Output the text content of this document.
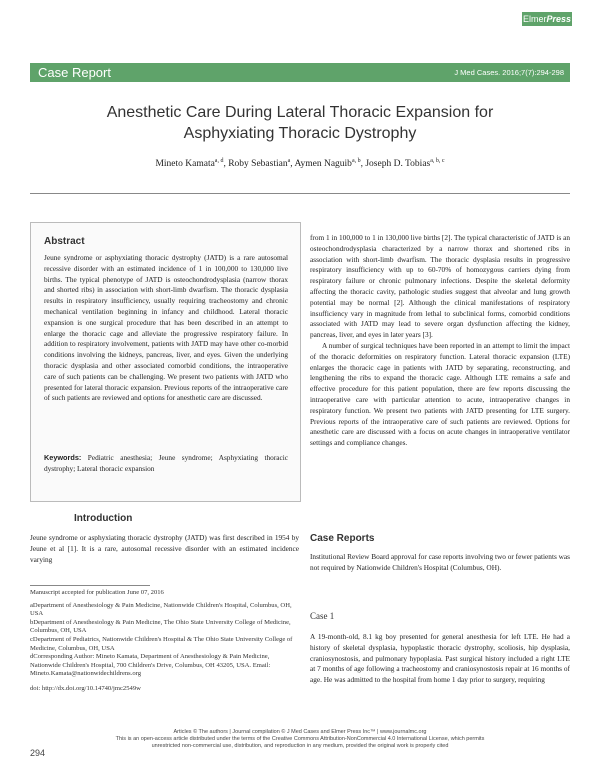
ElmerPress
Case Report	J Med Cases. 2016;7(7):294-298
Anesthetic Care During Lateral Thoracic Expansion for
Asphyxiating Thoracic Dystrophy
Mineto Kamata$^{a, d}$, Roby Sebastian$^a$, Aymen Naguib$^{a, b}$, Joseph D. Tobias$^{a, b, c}$
Abstract
Jeune syndrome or asphyxiating thoracic dystrophy (JATD) is a rare autosomal recessive disorder with an estimated incidence of 1 in 100,000 to 130,000 live births. The typical phenotype of JATD is osteochondrodysplasia (narrow thorax and shorted ribs) in association with short-limb dwarfism. The thoracic dysplasia results in respiratory insufficiency, usually requiring tracheostomy and chronic mechanical ventilation beginning in infancy and childhood. Lateral thoracic expansion is one surgical procedure that has been described in an attempt to enlarge the thoracic cage and alleviate the progressive respiratory failure. In addition to respiratory involvement, patients with JATD may have other co-morbid conditions involving the kidneys, pancreas, liver, and eyes. Given the underlying thoracic dysplasia and other associated comorbid conditions, the intraoperative care of such patients can be challenging. We present two patients with JATD who presented for lateral thoracic expansion. Previous reports of the intraoperative care of such patients are reviewed and options for anesthetic care are discussed.
Keywords: Pediatric anesthesia; Jeune syndrome; Asphyxiating thoracic dystrophy; Lateral thoracic expansion
Introduction
Jeune syndrome or asphyxiating thoracic dystrophy (JATD) was first described in 1954 by Jeune et al [1]. It is a rare, autosomal recessive disorder with an estimated incidence varying

Manuscript accepted for publication June 07, 2016

aDepartment of Anesthesiology & Pain Medicine, Nationwide Children's Hospital, Columbus, OH, USA

bDepartment of Anesthesiology & Pain Medicine, The Ohio State University College of Medicine, Columbus, OH, USA

cDepartment of Pediatrics, Nationwide Children's Hospital & The Ohio State University College of Medicine, Columbus, OH, USA

dCorresponding Author: Mineto Kamata, Department of Anesthesiology & Pain Medicine, Nationwide Children's Hospital, 700 Children's Drive, Columbus, OH 43205, USA. Email: Mineto.Kamata@nationwidechildrens.org

doi: http://dx.doi.org/10.14740/jmc2549w

from 1 in 100,000 to 1 in 130,000 live births [2]. The typical characteristic of JATD is an osteochondrodysplasia characterized by a narrow thorax and shortened ribs in association with short-limb dwarfism. The thoracic dysplasia results in progressive respiratory insufficiency with up to 60-70% of homozygous carriers dying from respiratory failure or chronic pulmonary infections. Despite the skeletal deformity affecting the thoracic cavity, pathologic studies suggest that alveolar and lung growth potential may be normal [2]. Although the clinical manifestations of respiratory insufficiency vary in magnitude from lethal to subclinical forms, comorbid conditions associated with JATD may lead to severe organ dysfunction affecting the kidney, pancreas, liver, and eyes in later years [3].

A number of surgical techniques have been reported in an attempt to limit the impact of the thoracic deformities on respiratory function. Lateral thoracic expansion (LTE) enlarges the thoracic cage in patients with JATD by separating, reconstructing, and lengthening the ribs to expand the thoracic cage. Although LTE remains a safe and effective procedure for this patient population, there are few reports discussing the intraoperative care with particular attention to acute, intraoperative changes in respiratory function. We present two patients with JATD presenting for LTE surgery. Previous reports of the intraoperative care of such patients are reviewed. Options for anesthetic care are discussed with a focus on acute changes in intraoperative ventilator settings and compliance changes.

Case Reports
Institutional Review Board approval for case reports involving two or fewer patients was not required by Nationwide Children's Hospital (Columbus, OH).
Case 1
A 19-month-old, 8.1 kg boy presented for general anesthesia for left LTE. He had a history of skeletal dysplasia, hypoplastic thoracic dystrophy, scoliosis, hip dysplasia, craniosynostosis, and pulmonary hypoplasia. Past surgical history included a right LTE at 7 months of age following a tracheostomy and craniosynostosis repair at 16 months of age. He was admitted to the hospital from home 1 day prior to surgery, requiring
Articles © The authors | Journal compilation © J Med Cases and Elmer Press Inc™ | www.journalmc.org
This is an open-access article distributed under the terms of the Creative Commons Attribution-NonCommercial 4.0 International License, which permits
unrestricted non-commercial use, distribution, and reproduction in any medium, provided the original work is properly cited
294
